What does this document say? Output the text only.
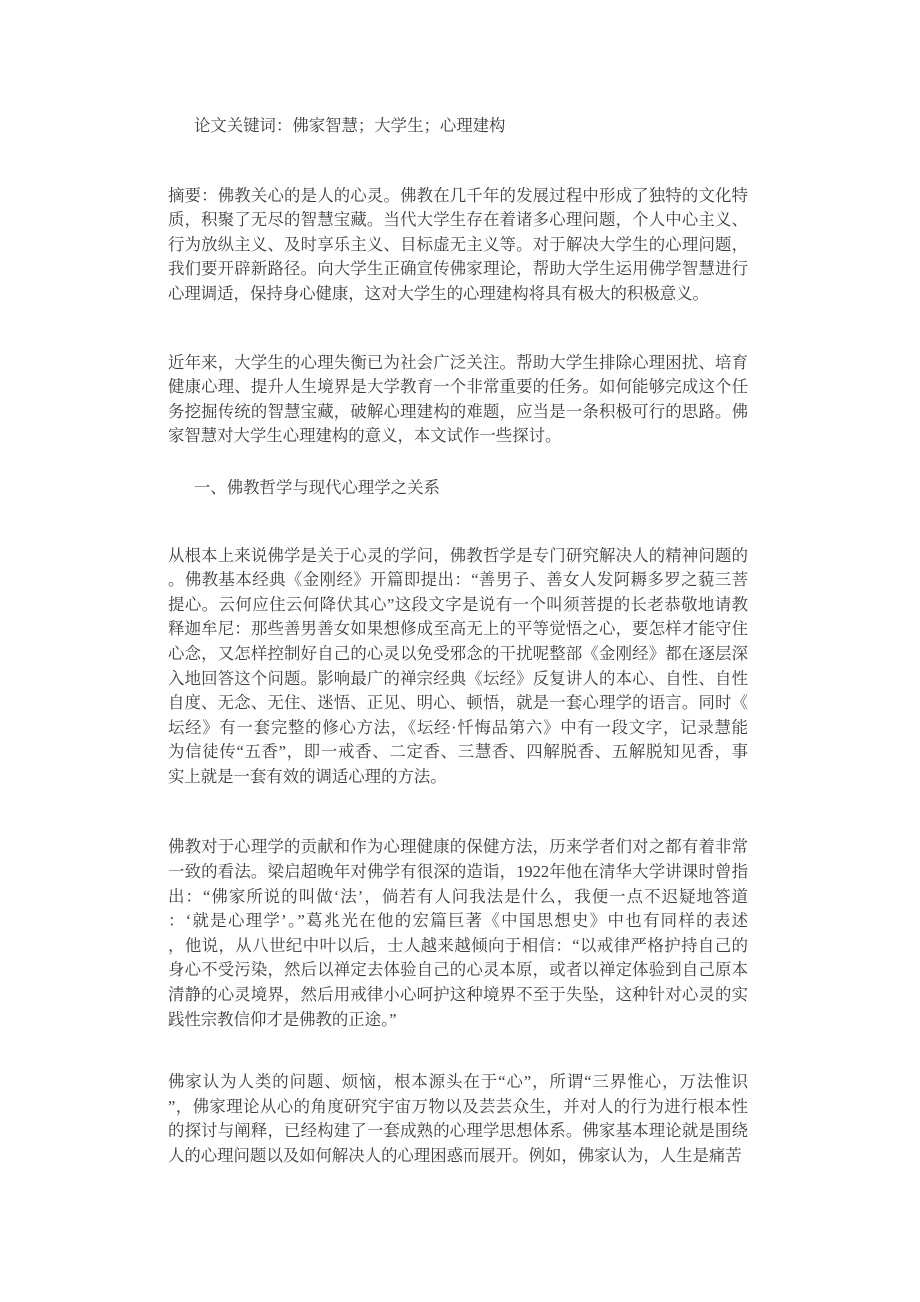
论文关键词：佛家智慧；大学生；心理建构
摘要：佛教关心的是人的心灵。佛教在几千年的发展过程中形成了独特的文化特
质，积聚了无尽的智慧宝藏。当代大学生存在着诸多心理问题，个人中心主义、
行为放纵主义、及时享乐主义、目标虚无主义等。对于解决大学生的心理问题，
我们要开辟新路径。向大学生正确宣传佛家理论，帮助大学生运用佛学智慧进行
心理调适，保持身心健康，这对大学生的心理建构将具有极大的积极意义。
近年来，大学生的心理失衡已为社会广泛关注。帮助大学生排除心理困扰、培育
健康心理、提升人生境界是大学教育一个非常重要的任务。如何能够完成这个任
务挖掘传统的智慧宝藏，破解心理建构的难题，应当是一条积极可行的思路。佛
家智慧对大学生心理建构的意义，本文试作一些探讨。
一、佛教哲学与现代心理学之关系
从根本上来说佛学是关于心灵的学问，佛教哲学是专门研究解决人的精神问题的
。佛教基本经典《金刚经》开篇即提出：“善男子、善女人发阿耨多罗之藐三菩
提心。云何应住云何降伏其心”这段文字是说有一个叫须菩提的长老恭敬地请教
释迦牟尼：那些善男善女如果想修成至高无上的平等觉悟之心，要怎样才能守住
心念，又怎样控制好自己的心灵以免受邪念的干扰呢整部《金刚经》都在逐层深
入地回答这个问题。影响最广的禅宗经典《坛经》反复讲人的本心、自性、自性
自度、无念、无住、迷悟、正见、明心、顿悟，就是一套心理学的语言。同时《
坛经》有一套完整的修心方法，《坛经·忏悔品第六》中有一段文字，记录慧能
为信徒传“五香”，即一戒香、二定香、三慧香、四解脱香、五解脱知见香，事
实上就是一套有效的调适心理的方法。
佛教对于心理学的贡献和作为心理健康的保健方法，历来学者们对之都有着非常
一致的看法。梁启超晚年对佛学有很深的造诣，1922年他在清华大学讲课时曾指
出：“佛家所说的叫做‘法’，倘若有人问我法是什么，我便一点不迟疑地答道
：‘就是心理学’。”葛兆光在他的宏篇巨著《中国思想史》中也有同样的表述
，他说，从八世纪中叶以后，士人越来越倾向于相信：“以戒律严格护持自己的
身心不受污染，然后以禅定去体验自己的心灵本原，或者以禅定体验到自己原本
清静的心灵境界，然后用戒律小心呵护这种境界不至于失坠，这种针对心灵的实
践性宗教信仰才是佛教的正途。”
佛家认为人类的问题、烦恼，根本源头在于“心”，所谓“三界惟心，万法惟识
”，佛家理论从心的角度研究宇宙万物以及芸芸众生，并对人的行为进行根本性
的探讨与阐释，已经构建了一套成熟的心理学思想体系。佛家基本理论就是围绕
人的心理问题以及如何解决人的心理困惑而展开。例如，佛家认为，人生是痛苦
